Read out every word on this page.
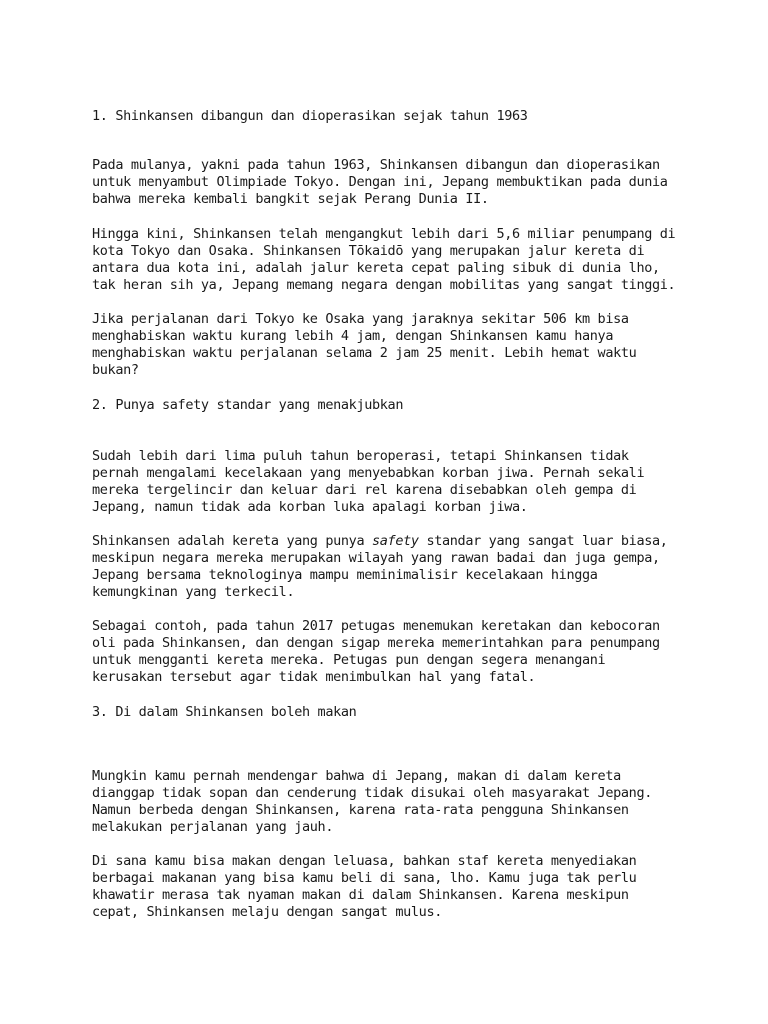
1. Shinkansen dibangun dan dioperasikan sejak tahun 1963

Pada mulanya, yakni pada tahun 1963, Shinkansen dibangun dan dioperasikan
untuk menyambut Olimpiade Tokyo. Dengan ini, Jepang membuktikan pada dunia
bahwa mereka kembali bangkit sejak Perang Dunia II.
Hingga kini, Shinkansen telah mengangkut lebih dari 5,6 miliar penumpang di
kota Tokyo dan Osaka. Shinkansen Tōkaidō yang merupakan jalur kereta di
antara dua kota ini, adalah jalur kereta cepat paling sibuk di dunia lho,
tak heran sih ya, Jepang memang negara dengan mobilitas yang sangat tinggi.
Jika perjalanan dari Tokyo ke Osaka yang jaraknya sekitar 506 km bisa
menghabiskan waktu kurang lebih 4 jam, dengan Shinkansen kamu hanya
menghabiskan waktu perjalanan selama 2 jam 25 menit. Lebih hemat waktu
bukan?

2. Punya safety standar yang menakjubkan

Sudah lebih dari lima puluh tahun beroperasi, tetapi Shinkansen tidak
pernah mengalami kecelakaan yang menyebabkan korban jiwa. Pernah sekali
mereka tergelincir dan keluar dari rel karena disebabkan oleh gempa di
Jepang, namun tidak ada korban luka apalagi korban jiwa.
Shinkansen adalah kereta yang punya safety standar yang sangat luar biasa,
meskipun negara mereka merupakan wilayah yang rawan badai dan juga gempa,
Jepang bersama teknologinya mampu meminimalisir kecelakaan hingga
kemungkinan yang terkecil.
Sebagai contoh, pada tahun 2017 petugas menemukan keretakan dan kebocoran
oli pada Shinkansen, dan dengan sigap mereka memerintahkan para penumpang
untuk mengganti kereta mereka. Petugas pun dengan segera menangani
kerusakan tersebut agar tidak menimbulkan hal yang fatal.

3. Di dalam Shinkansen boleh makan

Mungkin kamu pernah mendengar bahwa di Jepang, makan di dalam kereta
dianggap tidak sopan dan cenderung tidak disukai oleh masyarakat Jepang.
Namun berbeda dengan Shinkansen, karena rata-rata pengguna Shinkansen
melakukan perjalanan yang jauh.
Di sana kamu bisa makan dengan leluasa, bahkan staf kereta menyediakan
berbagai makanan yang bisa kamu beli di sana, lho. Kamu juga tak perlu
khawatir merasa tak nyaman makan di dalam Shinkansen. Karena meskipun
cepat, Shinkansen melaju dengan sangat mulus.
